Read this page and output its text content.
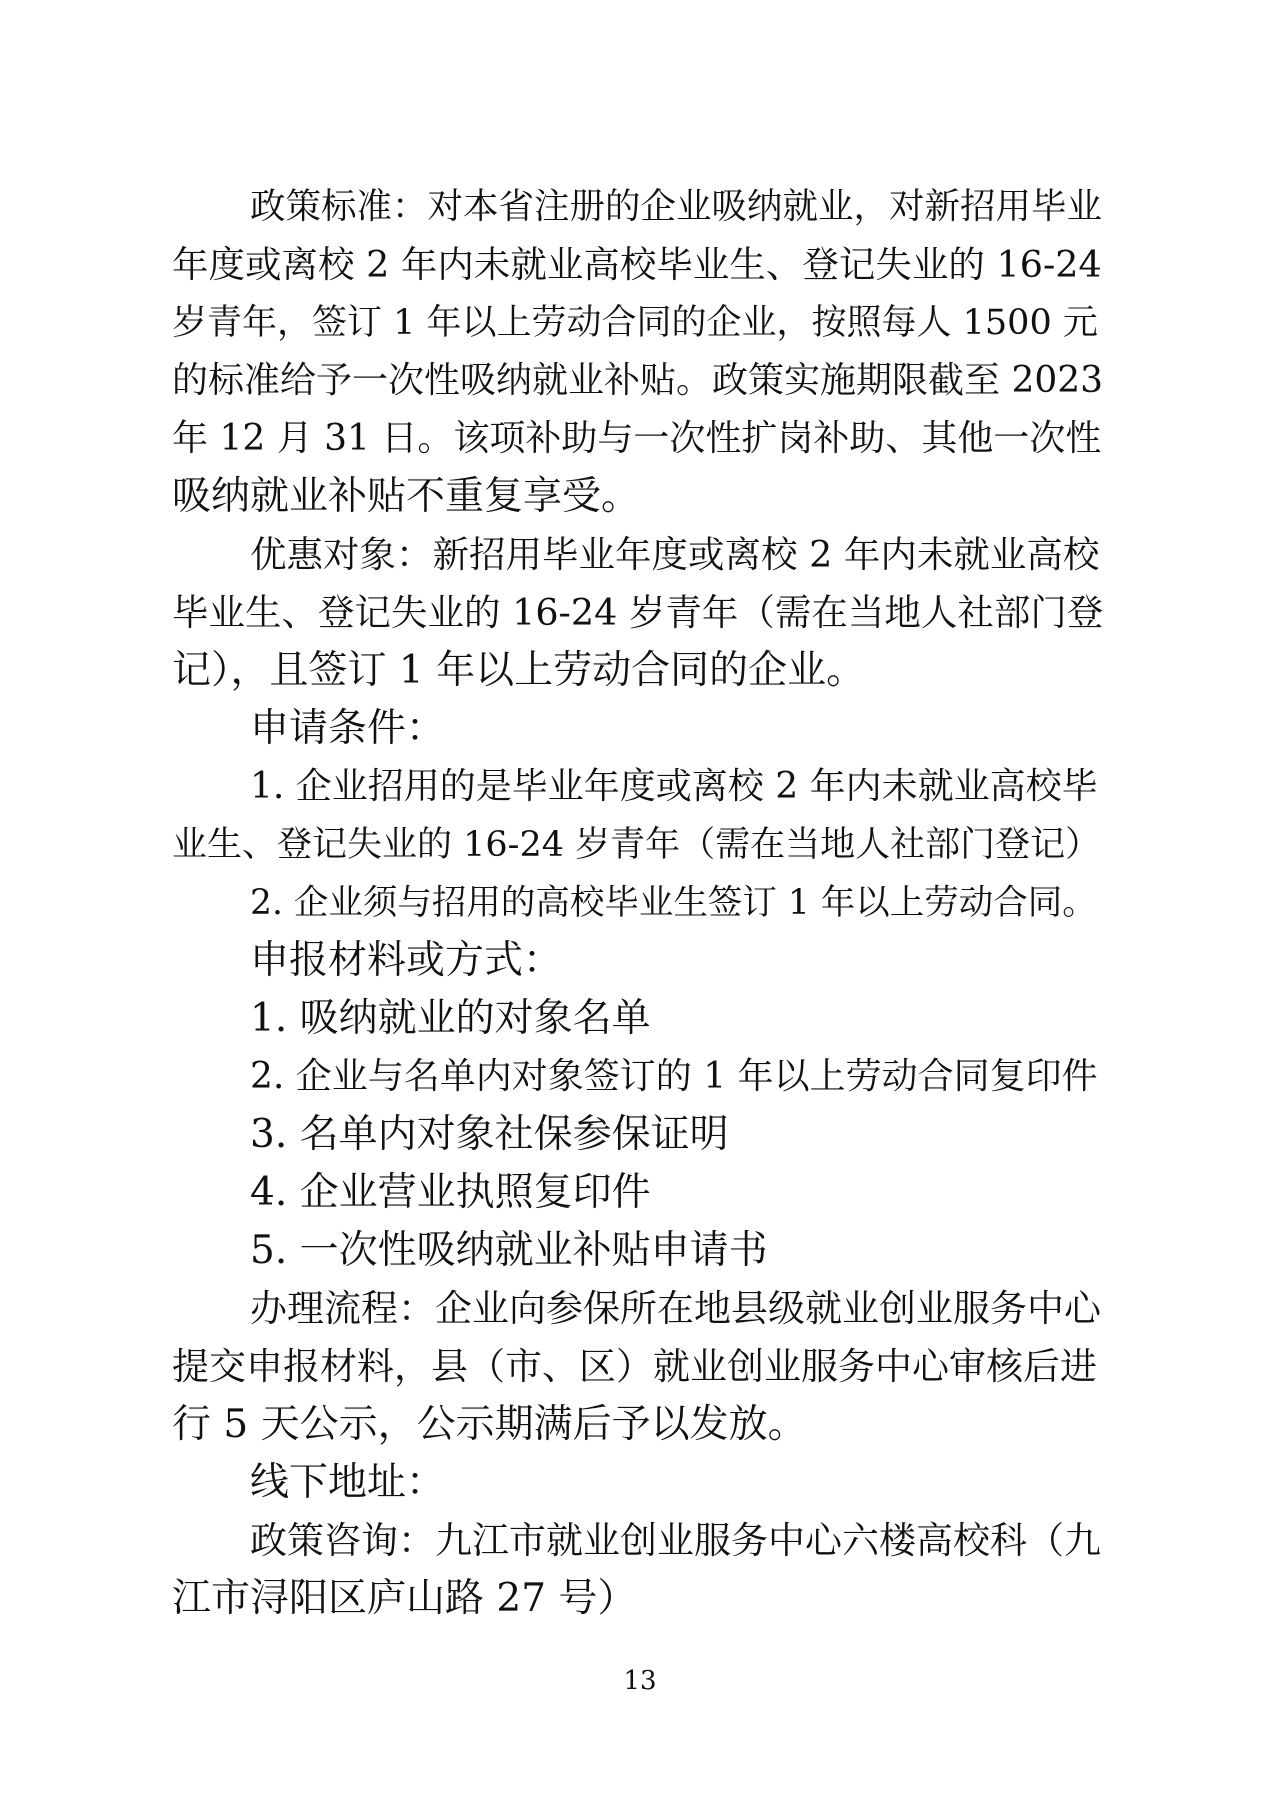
政策标准：对本省注册的企业吸纳就业，对新招用毕业
年度或离校 2 年内未就业高校毕业生、登记失业的 16-24
岁青年，签订 1 年以上劳动合同的企业，按照每人 1500 元
的标准给予一次性吸纳就业补贴。政策实施期限截至 2023
年 12 月 31 日。该项补助与一次性扩岗补助、其他一次性
吸纳就业补贴不重复享受。
优惠对象：新招用毕业年度或离校 2 年内未就业高校
毕业生、登记失业的 16-24 岁青年（需在当地人社部门登
记），且签订 1 年以上劳动合同的企业。
申请条件：
1. 企业招用的是毕业年度或离校 2 年内未就业高校毕
业生、登记失业的 16-24 岁青年（需在当地人社部门登记）
2. 企业须与招用的高校毕业生签订 1 年以上劳动合同。
申报材料或方式：
1. 吸纳就业的对象名单
2. 企业与名单内对象签订的 1 年以上劳动合同复印件
3. 名单内对象社保参保证明
4. 企业营业执照复印件
5. 一次性吸纳就业补贴申请书
办理流程：企业向参保所在地县级就业创业服务中心
提交申报材料，县（市、区）就业创业服务中心审核后进
行 5 天公示，公示期满后予以发放。
线下地址：
政策咨询：九江市就业创业服务中心六楼高校科（九
江市浔阳区庐山路 27 号）
13
